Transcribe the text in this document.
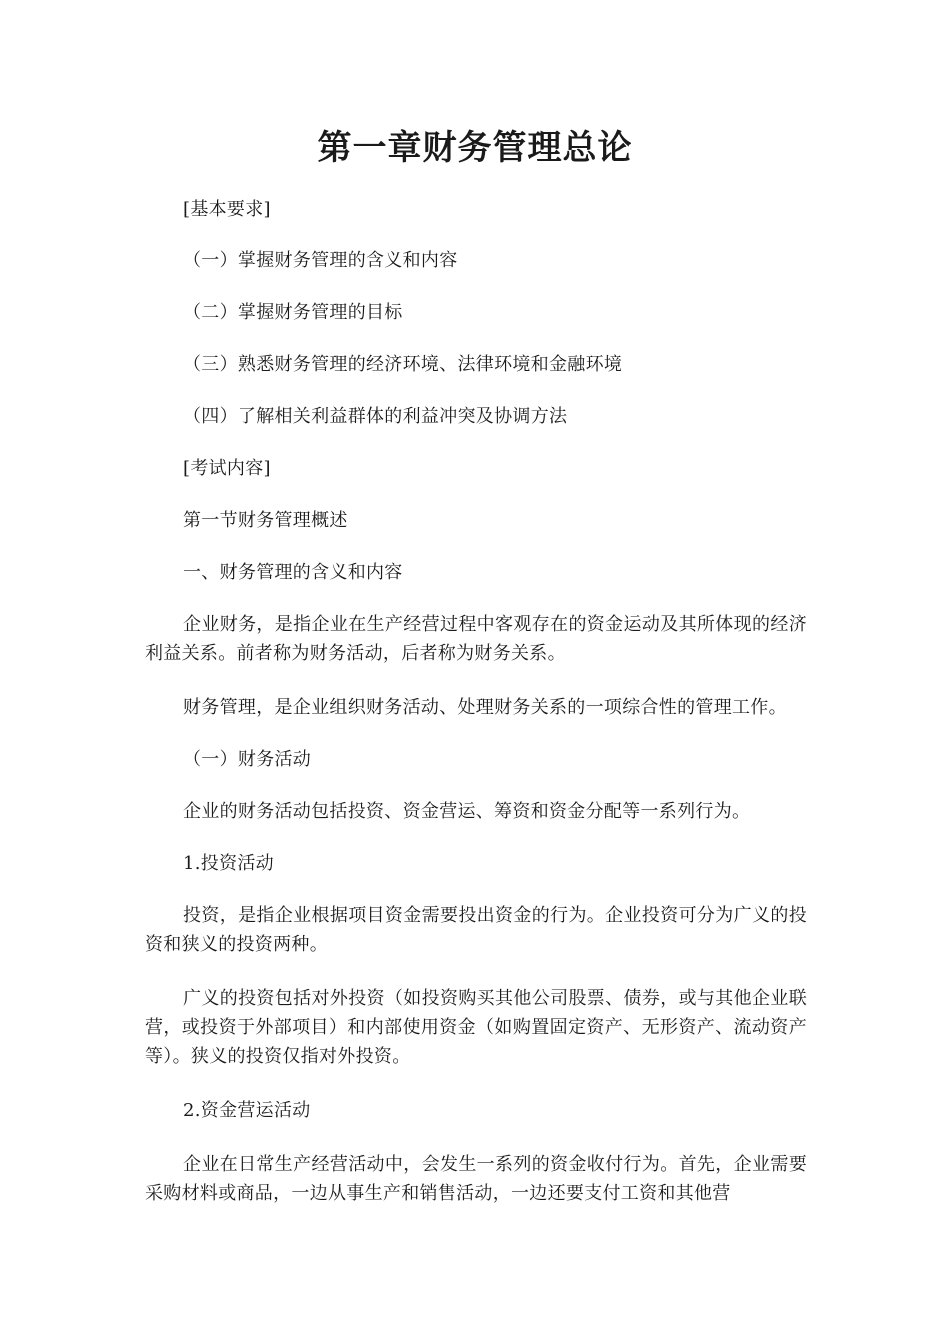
第一章财务管理总论

[基本要求]

（一）掌握财务管理的含义和内容

（二）掌握财务管理的目标

（三）熟悉财务管理的经济环境、法律环境和金融环境

（四）了解相关利益群体的利益冲突及协调方法

[考试内容]

第一节财务管理概述

一、财务管理的含义和内容

企业财务，是指企业在生产经营过程中客观存在的资金运动及其所体现的经济利益关系。前者称为财务活动，后者称为财务关系。

财务管理，是企业组织财务活动、处理财务关系的一项综合性的管理工作。

（一）财务活动

企业的财务活动包括投资、资金营运、筹资和资金分配等一系列行为。

1.投资活动

投资，是指企业根据项目资金需要投出资金的行为。企业投资可分为广义的投资和狭义的投资两种。

广义的投资包括对外投资（如投资购买其他公司股票、债券，或与其他企业联营，或投资于外部项目）和内部使用资金（如购置固定资产、无形资产、流动资产等）。狭义的投资仅指对外投资。

2.资金营运活动

企业在日常生产经营活动中，会发生一系列的资金收付行为。首先，企业需要采购材料或商品，一边从事生产和销售活动，一边还要支付工资和其他营
